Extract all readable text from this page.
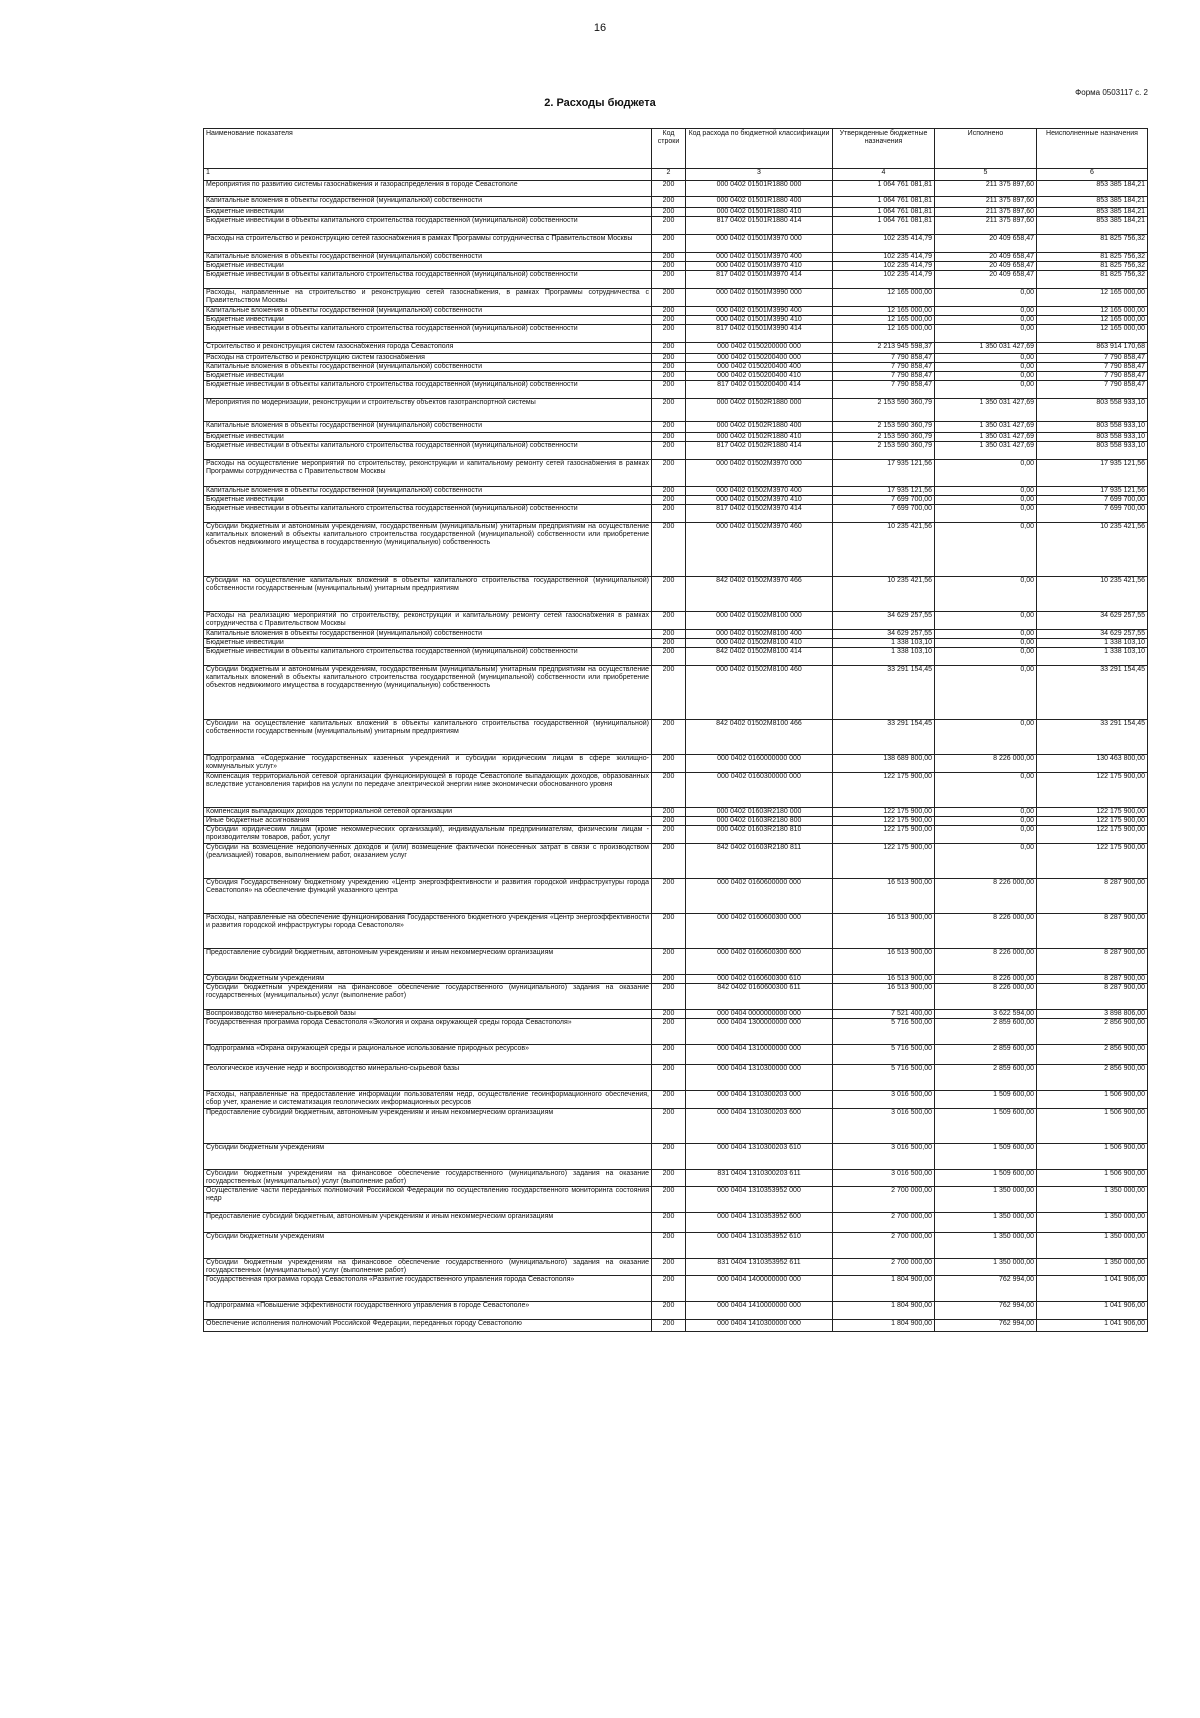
16
Форма 0503117 с. 2
2. Расходы бюджета
Наименование показателя	Код строки	Код расхода по бюджетной классификации	Утвержденные бюджетные назначения	Исполнено	Неисполненные назначения
1	2	3	4	5	6
Мероприятия по развитию системы газоснабжения и газораспределения в городе Севастополе	200	000 0402 01501R1880 000	1 064 761 081,81	211 375 897,60	853 385 184,21
Капитальные вложения в объекты государственной (муниципальной) собственности	200	000 0402 01501R1880 400	1 064 761 081,81	211 375 897,60	853 385 184,21
Бюджетные инвестиции	200	000 0402 01501R1880 410	1 064 761 081,81	211 375 897,60	853 385 184,21
Бюджетные инвестиции в объекты капитального строительства государственной (муниципальной) собственности	200	817 0402 01501R1880 414	1 064 761 081,81	211 375 897,60	853 385 184,21
Расходы на строительство и реконструкцию сетей газоснабжения в рамках Программы сотрудничества с Правительством Москвы	200	000 0402 01501M3970 000	102 235 414,79	20 409 658,47	81 825 756,32
Капитальные вложения в объекты государственной (муниципальной) собственности	200	000 0402 01501M3970 400	102 235 414,79	20 409 658,47	81 825 756,32
Бюджетные инвестиции	200	000 0402 01501M3970 410	102 235 414,79	20 409 658,47	81 825 756,32
Бюджетные инвестиции в объекты капитального строительства государственной (муниципальной) собственности	200	817 0402 01501M3970 414	102 235 414,79	20 409 658,47	81 825 756,32
Расходы, направленные на строительство и реконструкцию сетей газоснабжения, в рамках Программы сотрудничества с Правительством Москвы	200	000 0402 01501M3990 000	12 165 000,00	0,00	12 165 000,00
Капитальные вложения в объекты государственной (муниципальной) собственности	200	000 0402 01501M3990 400	12 165 000,00	0,00	12 165 000,00
Бюджетные инвестиции	200	000 0402 01501M3990 410	12 165 000,00	0,00	12 165 000,00
Бюджетные инвестиции в объекты капитального строительства государственной (муниципальной) собственности	200	817 0402 01501M3990 414	12 165 000,00	0,00	12 165 000,00
Строительство и реконструкция систем газоснабжения города Севастополя	200	000 0402 0150200000 000	2 213 945 598,37	1 350 031 427,69	863 914 170,68
Расходы на строительство и реконструкцию систем газоснабжения	200	000 0402 0150200400 000	7 790 858,47	0,00	7 790 858,47
Капитальные вложения в объекты государственной (муниципальной) собственности	200	000 0402 0150200400 400	7 790 858,47	0,00	7 790 858,47
Бюджетные инвестиции	200	000 0402 0150200400 410	7 790 858,47	0,00	7 790 858,47
Бюджетные инвестиции в объекты капитального строительства государственной (муниципальной) собственности	200	817 0402 0150200400 414	7 790 858,47	0,00	7 790 858,47
Мероприятия по модернизации, реконструкции и строительству объектов газотранспортной системы	200	000 0402 01502R1880 000	2 153 590 360,79	1 350 031 427,69	803 558 933,10
Капитальные вложения в объекты государственной (муниципальной) собственности	200	000 0402 01502R1880 400	2 153 590 360,79	1 350 031 427,69	803 558 933,10
Бюджетные инвестиции	200	000 0402 01502R1880 410	2 153 590 360,79	1 350 031 427,69	803 558 933,10
Бюджетные инвестиции в объекты капитального строительства государственной (муниципальной) собственности	200	817 0402 01502R1880 414	2 153 590 360,79	1 350 031 427,69	803 558 933,10
Расходы на осуществление мероприятий по строительству, реконструкции и капитальному ремонту сетей газоснабжения в рамках Программы сотрудничества с Правительством Москвы	200	000 0402 01502M3970 000	17 935 121,56	0,00	17 935 121,56
Капитальные вложения в объекты государственной (муниципальной) собственности	200	000 0402 01502M3970 400	17 935 121,56	0,00	17 935 121,56
Бюджетные инвестиции	200	000 0402 01502M3970 410	7 699 700,00	0,00	7 699 700,00
Бюджетные инвестиции в объекты капитального строительства государственной (муниципальной) собственности	200	817 0402 01502M3970 414	7 699 700,00	0,00	7 699 700,00
Субсидии бюджетным и автономным учреждениям, государственным (муниципальным) унитарным предприятиям на осуществление капитальных вложений в объекты капитального строительства государственной (муниципальной) собственности или приобретение объектов недвижимого имущества в государственную (муниципальную) собственность	200	000 0402 01502M3970 460	10 235 421,56	0,00	10 235 421,56
Субсидии на осуществление капитальных вложений в объекты капитального строительства государственной (муниципальной) собственности государственным (муниципальным) унитарным предприятиям	200	842 0402 01502M3970 466	10 235 421,56	0,00	10 235 421,56
Расходы на реализацию мероприятий по строительству, реконструкции и капитальному ремонту сетей газоснабжения в рамках сотрудничества с Правительством Москвы	200	000 0402 01502M8100 000	34 629 257,55	0,00	34 629 257,55
Капитальные вложения в объекты государственной (муниципальной) собственности	200	000 0402 01502M8100 400	34 629 257,55	0,00	34 629 257,55
Бюджетные инвестиции	200	000 0402 01502M8100 410	1 338 103,10	0,00	1 338 103,10
Бюджетные инвестиции в объекты капитального строительства государственной (муниципальной) собственности	200	842 0402 01502M8100 414	1 338 103,10	0,00	1 338 103,10
Субсидии бюджетным и автономным учреждениям, государственным (муниципальным) унитарным предприятиям на осуществление капитальных вложений в объекты капитального строительства государственной (муниципальной) собственности или приобретение объектов недвижимого имущества в государственную (муниципальную) собственность	200	000 0402 01502M8100 460	33 291 154,45	0,00	33 291 154,45
Субсидии на осуществление капитальных вложений в объекты капитального строительства государственной (муниципальной) собственности государственным (муниципальным) унитарным предприятиям	200	842 0402 01502M8100 466	33 291 154,45	0,00	33 291 154,45
Подпрограмма «Содержание государственных казенных учреждений и субсидии юридическим лицам в сфере жилищно-коммунальных услуг»	200	000 0402 0160000000 000	138 689 800,00	8 226 000,00	130 463 800,00
Компенсация территориальной сетевой организации функционирующей в городе Севастополе выпадающих доходов, образованных вследствие установления тарифов на услуги по передаче электрической энергии ниже экономически обоснованного уровня	200	000 0402 0160300000 000	122 175 900,00	0,00	122 175 900,00
Компенсация выпадающих доходов территориальной сетевой организации	200	000 0402 01603R2180 000	122 175 900,00	0,00	122 175 900,00
Иные бюджетные ассигнования	200	000 0402 01603R2180 800	122 175 900,00	0,00	122 175 900,00
Субсидии юридическим лицам (кроме некоммерческих организаций), индивидуальным предпринимателям, физическим лицам - производителям товаров, работ, услуг	200	000 0402 01603R2180 810	122 175 900,00	0,00	122 175 900,00
Субсидии на возмещение недополученных доходов и (или) возмещение фактически понесенных затрат в связи с производством (реализацией) товаров, выполнением работ, оказанием услуг	200	842 0402 01603R2180 811	122 175 900,00	0,00	122 175 900,00
Субсидия Государственному бюджетному учреждению «Центр энергоэффективности и развития городской инфраструктуры города Севастополя» на обеспечение функций указанного центра	200	000 0402 0160600000 000	16 513 900,00	8 226 000,00	8 287 900,00
Расходы, направленные на обеспечение функционирования Государственного бюджетного учреждения «Центр энергоэффективности и развития городской инфраструктуры города Севастополя»	200	000 0402 0160600300 000	16 513 900,00	8 226 000,00	8 287 900,00
Предоставление субсидий бюджетным, автономным учреждениям и иным некоммерческим организациям	200	000 0402 0160600300 600	16 513 900,00	8 226 000,00	8 287 900,00
Субсидии бюджетным учреждениям	200	000 0402 0160600300 610	16 513 900,00	8 226 000,00	8 287 900,00
Субсидии бюджетным учреждениям на финансовое обеспечение государственного (муниципального) задания на оказание государственных (муниципальных) услуг (выполнение работ)	200	842 0402 0160600300 611	16 513 900,00	8 226 000,00	8 287 900,00
Воспроизводство минерально-сырьевой базы	200	000 0404 0000000000 000	7 521 400,00	3 622 594,00	3 898 806,00
Государственная программа города Севастополя «Экология и охрана окружающей среды города Севастополя»	200	000 0404 1300000000 000	5 716 500,00	2 859 600,00	2 856 900,00
Подпрограмма «Охрана окружающей среды и рациональное использование природных ресурсов»	200	000 0404 1310000000 000	5 716 500,00	2 859 600,00	2 856 900,00
Геологическое изучение недр и воспроизводство минерально-сырьевой базы	200	000 0404 1310300000 000	5 716 500,00	2 859 600,00	2 856 900,00
Расходы, направленные на предоставление информации пользователям недр, осуществление геоинформационного обеспечения, сбор учет, хранение и систематизация геологических информационных ресурсов	200	000 0404 1310300203 000	3 016 500,00	1 509 600,00	1 506 900,00
Предоставление субсидий бюджетным, автономным учреждениям и иным некоммерческим организациям	200	000 0404 1310300203 600	3 016 500,00	1 509 600,00	1 506 900,00
Субсидии бюджетным учреждениям	200	000 0404 1310300203 610	3 016 500,00	1 509 600,00	1 506 900,00
Субсидии бюджетным учреждениям на финансовое обеспечение государственного (муниципального) задания на оказание государственных (муниципальных) услуг (выполнение работ)	200	831 0404 1310300203 611	3 016 500,00	1 509 600,00	1 506 900,00
Осуществление части переданных полномочий Российской Федерации по осуществлению государственного мониторинга состояния недр	200	000 0404 1310353952 000	2 700 000,00	1 350 000,00	1 350 000,00
Предоставление субсидий бюджетным, автономным учреждениям и иным некоммерческим организациям	200	000 0404 1310353952 600	2 700 000,00	1 350 000,00	1 350 000,00
Субсидии бюджетным учреждениям	200	000 0404 1310353952 610	2 700 000,00	1 350 000,00	1 350 000,00
Субсидии бюджетным учреждениям на финансовое обеспечение государственного (муниципального) задания на оказание государственных (муниципальных) услуг (выполнение работ)	200	831 0404 1310353952 611	2 700 000,00	1 350 000,00	1 350 000,00
Государственная программа города Севастополя «Развитие государственного управления города Севастополя»	200	000 0404 1400000000 000	1 804 900,00	762 994,00	1 041 906,00
Подпрограмма «Повышение эффективности государственного управления в городе Севастополе»	200	000 0404 1410000000 000	1 804 900,00	762 994,00	1 041 906,00
Обеспечение исполнения полномочий Российской Федерации, переданных городу Севастополю	200	000 0404 1410300000 000	1 804 900,00	762 994,00	1 041 906,00
